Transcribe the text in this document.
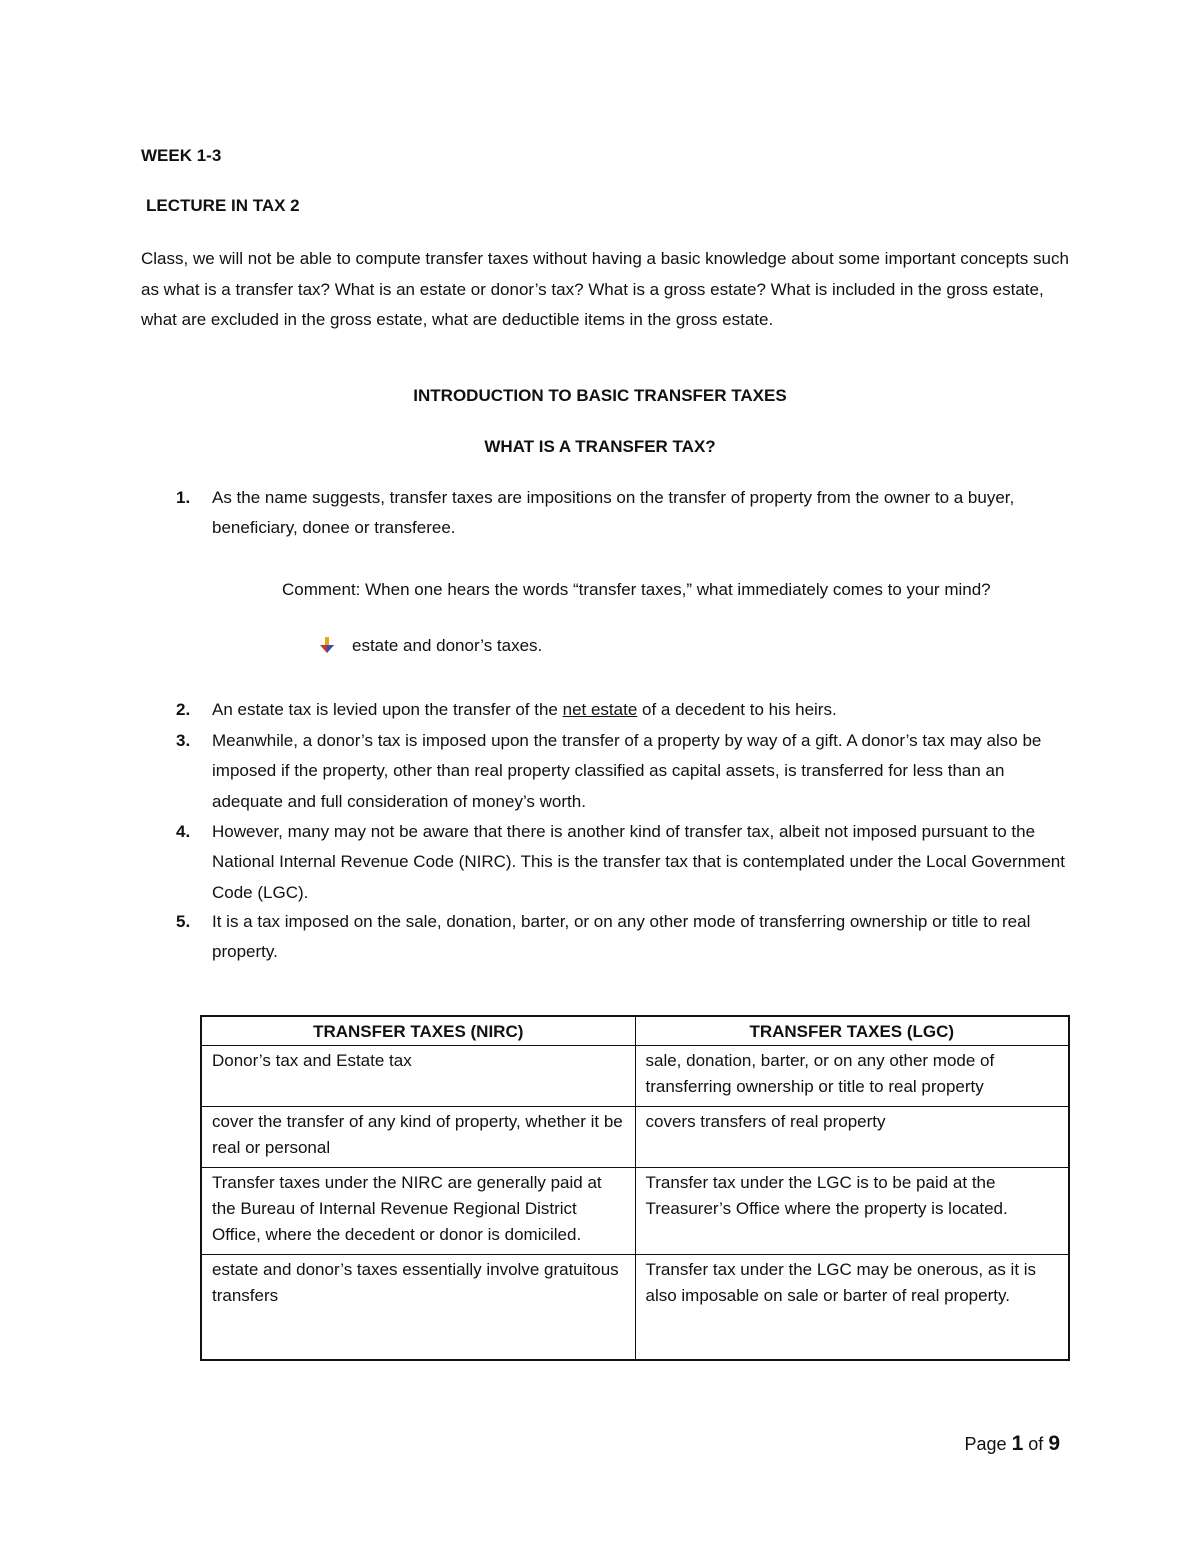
WEEK 1-3
LECTURE IN TAX 2
Class, we will not be able to compute transfer taxes without having a basic knowledge about some important concepts such as what is a transfer tax? What is an estate or donor’s tax? What is a gross estate? What is included in the gross estate, what are excluded in the gross estate, what are deductible items in the gross estate.
INTRODUCTION TO BASIC TRANSFER TAXES
WHAT IS A TRANSFER TAX?
1.	As the name suggests, transfer taxes are impositions on the transfer of property from the owner to a buyer, beneficiary, donee or transferee.
Comment: When one hears the words “transfer taxes,” what immediately comes to your mind?
estate and donor’s taxes.
2.	An estate tax is levied upon the transfer of the net estate of a decedent to his heirs.
3.	Meanwhile, a donor’s tax is imposed upon the transfer of a property by way of a gift. A donor’s tax may also be imposed if the property, other than real property classified as capital assets, is transferred for less than an adequate and full consideration of money’s worth.
4.	However, many may not be aware that there is another kind of transfer tax, albeit not imposed pursuant to the National Internal Revenue Code (NIRC). This is the transfer tax that is contemplated under the Local Government Code (LGC).
5.	It is a tax imposed on the sale, donation, barter, or on any other mode of transferring ownership or title to real property.
TRANSFER TAXES (NIRC)	TRANSFER TAXES (LGC)
Donor’s tax and Estate tax	sale, donation, barter, or on any other mode of transferring ownership or title to real property
cover the transfer of any kind of property, whether it be real or personal	covers transfers of real property
Transfer taxes under the NIRC are generally paid at the Bureau of Internal Revenue Regional District Office, where the decedent or donor is domiciled.	Transfer tax under the LGC is to be paid at the Treasurer’s Office where the property is located.
estate and donor’s taxes essentially involve gratuitous transfers	Transfer tax under the LGC may be onerous, as it is also imposable on sale or barter of real property.
Page 1 of 9
